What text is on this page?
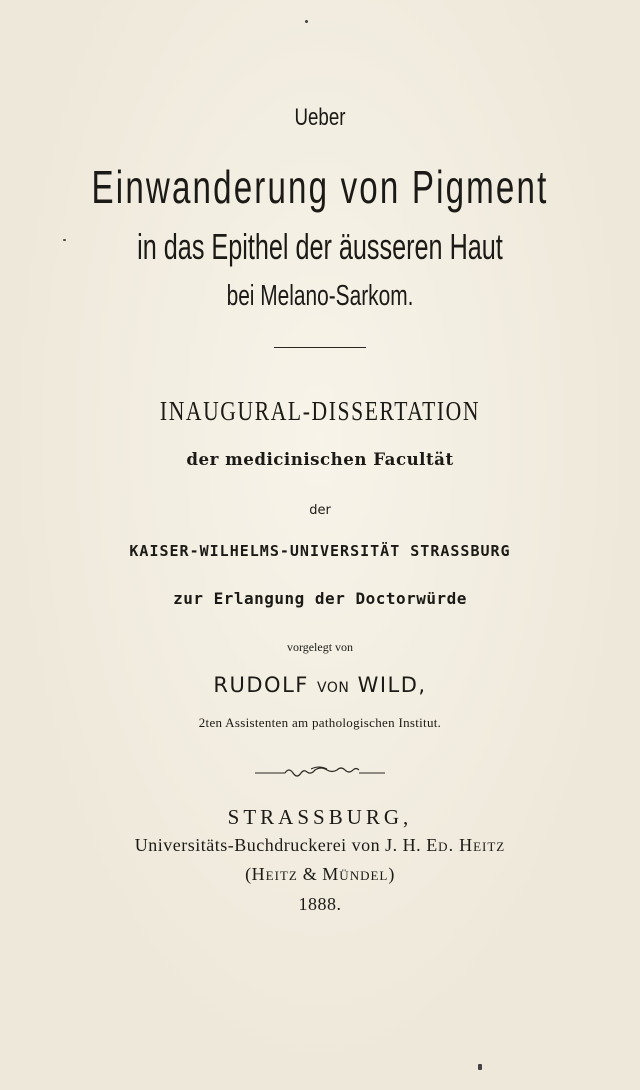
Ueber
Einwanderung von Pigment
in das Epithel der äusseren Haut
bei Melano-Sarkom.
INAUGURAL-DISSERTATION
der medicinischen Facultät
der
KAISER-WILHELMS-UNIVERSITÄT STRASSBURG
zur Erlangung der Doctorwürde
vorgelegt von
RUDOLF VON WILD,
2ten Assistenten am pathologischen Institut.
STRASSBURG,
Universitäts-Buchdruckerei von J. H. Ed. Heitz
(Heitz & Mündel)
1888.
